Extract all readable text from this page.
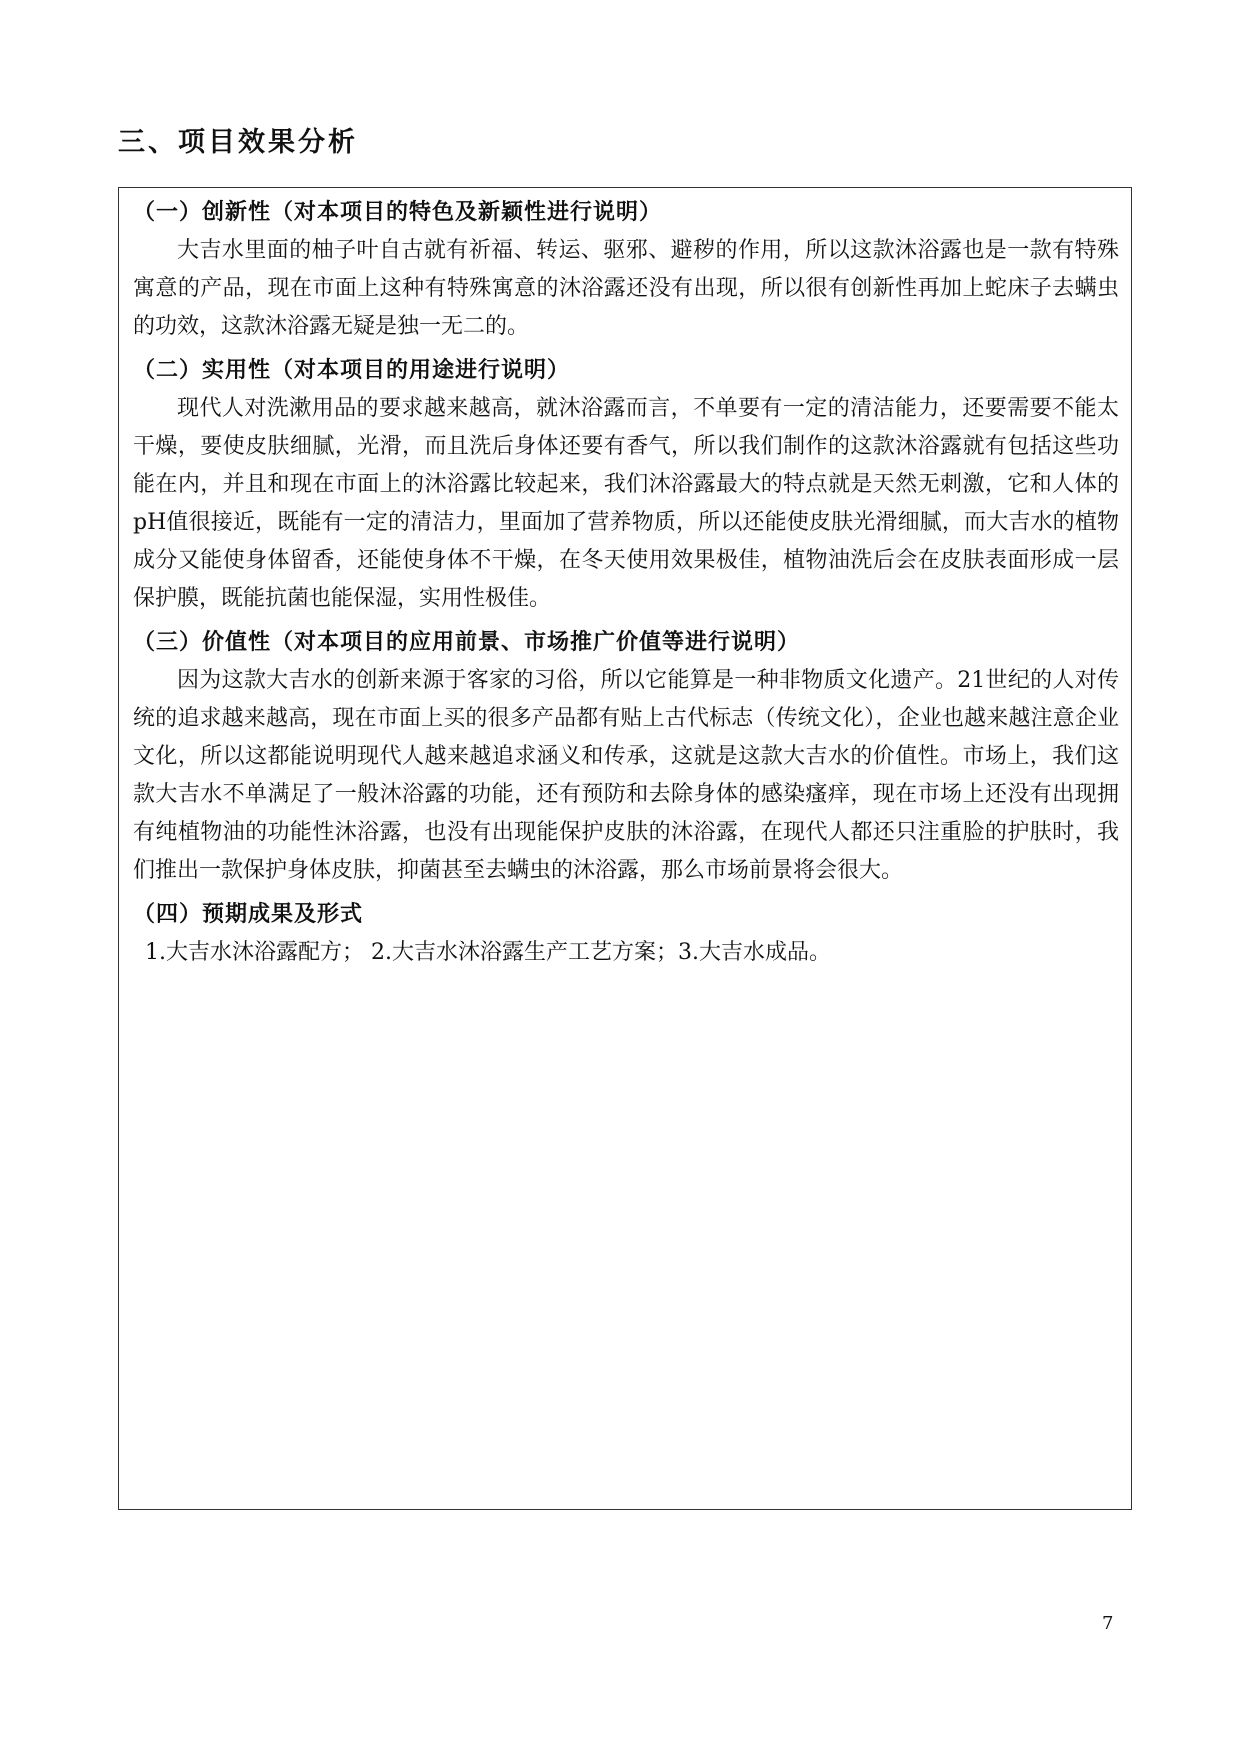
三、项目效果分析
（一）创新性（对本项目的特色及新颖性进行说明）

大吉水里面的柚子叶自古就有祈福、转运、驱邪、避秽的作用，所以这款沐浴露也是一款有特殊寓意的产品，现在市面上这种有特殊寓意的沐浴露还没有出现，所以很有创新性再加上蛇床子去螨虫的功效，这款沐浴露无疑是独一无二的。

（二）实用性（对本项目的用途进行说明）

现代人对洗漱用品的要求越来越高，就沐浴露而言，不单要有一定的清洁能力，还要需要不能太干燥，要使皮肤细腻，光滑，而且洗后身体还要有香气，所以我们制作的这款沐浴露就有包括这些功能在内，并且和现在市面上的沐浴露比较起来，我们沐浴露最大的特点就是天然无刺激，它和人体的pH值很接近，既能有一定的清洁力，里面加了营养物质，所以还能使皮肤光滑细腻，而大吉水的植物成分又能使身体留香，还能使身体不干燥，在冬天使用效果极佳，植物油洗后会在皮肤表面形成一层保护膜，既能抗菌也能保湿，实用性极佳。

（三）价值性（对本项目的应用前景、市场推广价值等进行说明）

因为这款大吉水的创新来源于客家的习俗，所以它能算是一种非物质文化遗产。21世纪的人对传统的追求越来越高，现在市面上买的很多产品都有贴上古代标志（传统文化），企业也越来越注意企业文化，所以这都能说明现代人越来越追求涵义和传承，这就是这款大吉水的价值性。市场上，我们这款大吉水不单满足了一般沐浴露的功能，还有预防和去除身体的感染瘙痒，现在市场上还没有出现拥有纯植物油的功能性沐浴露，也没有出现能保护皮肤的沐浴露，在现代人都还只注重脸的护肤时，我们推出一款保护身体皮肤，抑菌甚至去螨虫的沐浴露，那么市场前景将会很大。

（四）预期成果及形式

1.大吉水沐浴露配方； 2.大吉水沐浴露生产工艺方案；3.大吉水成品。

7
